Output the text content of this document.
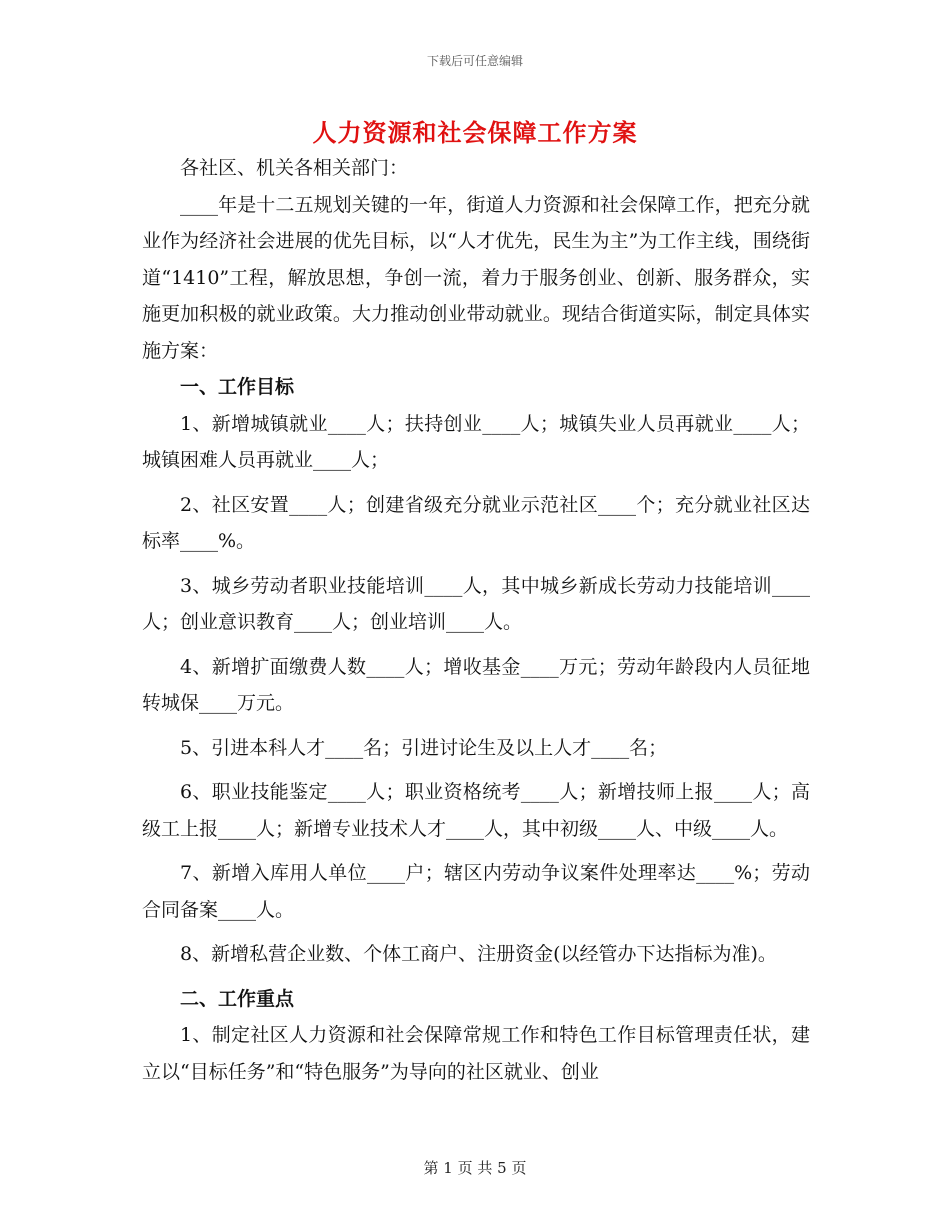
下载后可任意编辑
人力资源和社会保障工作方案

各社区、机关各相关部门：

____年是十二五规划关键的一年，街道人力资源和社会保障工作，把充分就业作为经济社会进展的优先目标，以“人才优先，民生为主”为工作主线，围绕街道“1410”工程，解放思想，争创一流，着力于服务创业、创新、服务群众，实施更加积极的就业政策。大力推动创业带动就业。现结合街道实际，制定具体实施方案：

一、工作目标

1、新增城镇就业____人；扶持创业____人；城镇失业人员再就业____人；城镇困难人员再就业____人；

2、社区安置____人；创建省级充分就业示范社区____个；充分就业社区达标率____%。

3、城乡劳动者职业技能培训____人，其中城乡新成长劳动力技能培训____人；创业意识教育____人；创业培训____人。

4、新增扩面缴费人数____人；增收基金____万元；劳动年龄段内人员征地转城保____万元。

5、引进本科人才____名；引进讨论生及以上人才____名；

6、职业技能鉴定____人；职业资格统考____人；新增技师上报____人；高级工上报____人；新增专业技术人才____人，其中初级____人、中级____人。

7、新增入库用人单位____户；辖区内劳动争议案件处理率达____%；劳动合同备案____人。

8、新增私营企业数、个体工商户、注册资金(以经管办下达指标为准)。

二、工作重点

1、制定社区人力资源和社会保障常规工作和特色工作目标管理责任状，建立以“目标任务”和“特色服务”为导向的社区就业、创业

第 1 页 共 5 页
